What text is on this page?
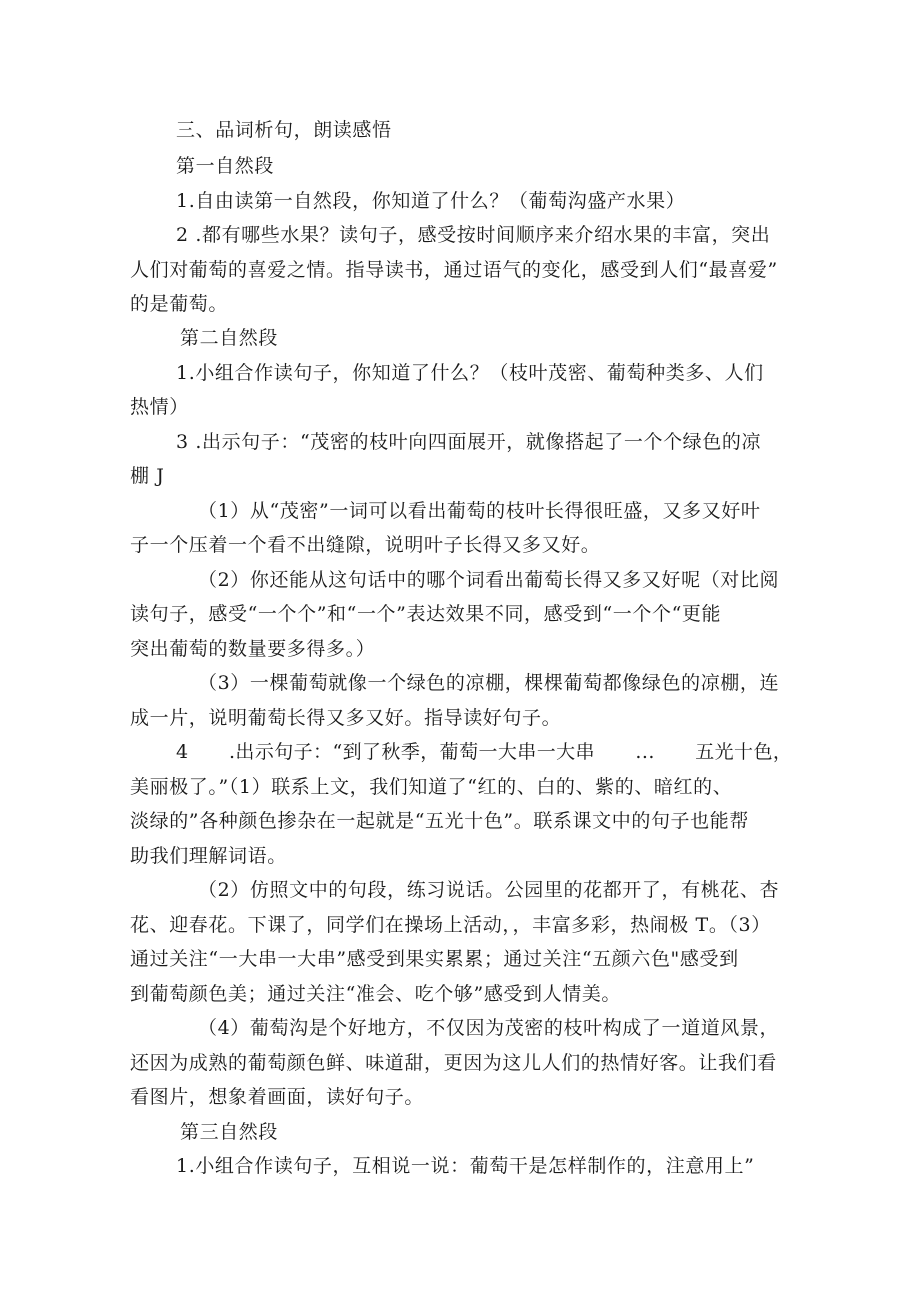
三、品词析句，朗读感悟
第一自然段
1.自由读第一自然段，你知道了什么？（葡萄沟盛产水果）
2 .都有哪些水果？读句子，感受按时间顺序来介绍水果的丰富，突出
人们对葡萄的喜爱之情。指导读书，通过语气的变化，感受到人们“最喜爱”
的是葡萄。
第二自然段
1.小组合作读句子，你知道了什么？（枝叶茂密、葡萄种类多、人们
热情）
3 .出示句子：“茂密的枝叶向四面展开，就像搭起了一个个绿色的凉
棚 J
（1）从“茂密”一词可以看出葡萄的枝叶长得很旺盛，又多又好叶
子一个压着一个看不出缝隙，说明叶子长得又多又好。
（2）你还能从这句话中的哪个词看出葡萄长得又多又好呢（对比阅
读句子，感受“一个个”和“一个”表达效果不同，感受到“一个个“更能
突出葡萄的数量要多得多。）
（3）一棵葡萄就像一个绿色的凉棚，棵棵葡萄都像绿色的凉棚，连
成一片，说明葡萄长得又多又好。指导读好句子。
4 .出示句子：“到了秋季，葡萄一大串一大串 ... 五光十色，
美丽极了。”（1）联系上文，我们知道了“红的、白的、紫的、暗红的、
淡绿的”各种颜色掺杂在一起就是“五光十色”。联系课文中的句子也能帮
助我们理解词语。
（2）仿照文中的句段，练习说话。公园里的花都开了，有桃花、杏
花、迎春花。下课了，同学们在操场上活动，，丰富多彩，热闹极 T。（3）
通过关注“一大串一大串”感受到果实累累；通过关注“五颜六色"感受到
到葡萄颜色美；通过关注“准会、吃个够”感受到人情美。
（4）葡萄沟是个好地方，不仅因为茂密的枝叶构成了一道道风景，
还因为成熟的葡萄颜色鲜、味道甜，更因为这儿人们的热情好客。让我们看
看图片，想象着画面，读好句子。
第三自然段
1.小组合作读句子，互相说一说：葡萄干是怎样制作的，注意用上”
